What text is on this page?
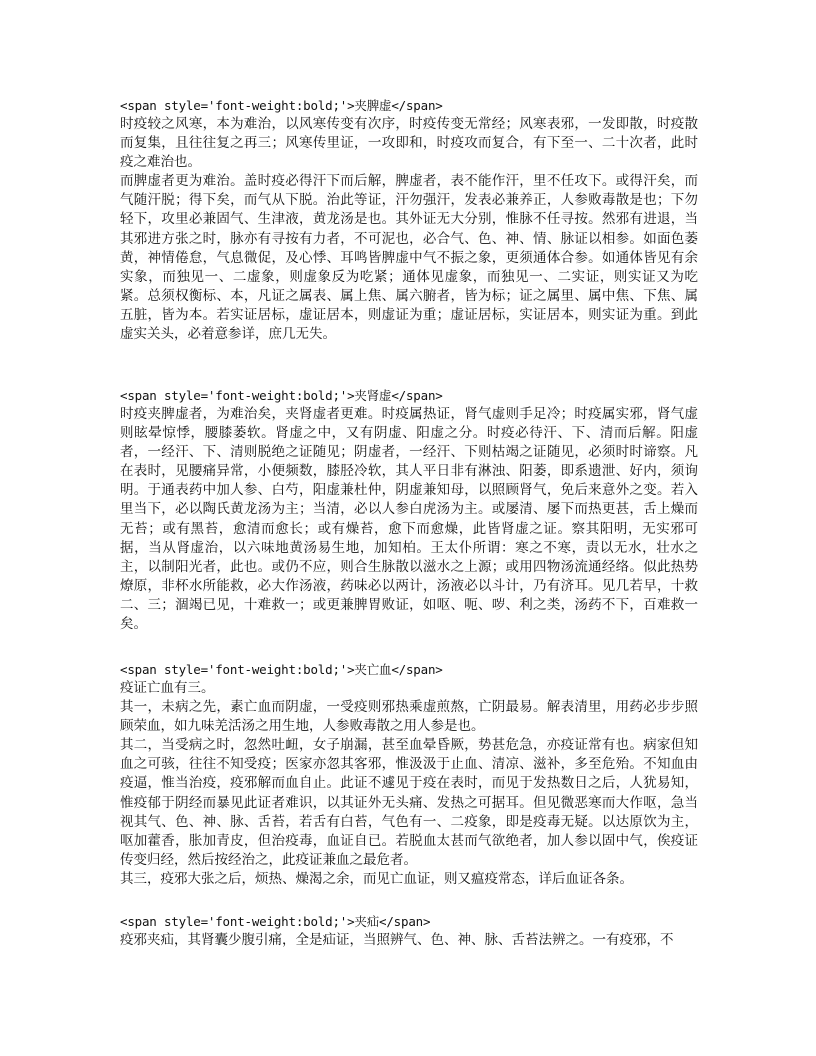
<span style='font-weight:bold;'>夹脾虚</span>

时疫较之风寒，本为难治，以风寒传变有次序，时疫传变无常经；风寒表邪，一发即散，时疫散而复集，且往往复之再三；风寒传里证，一攻即和，时疫攻而复合，有下至一、二十次者，此时疫之难治也。

而脾虚者更为难治。盖时疫必得汗下而后解，脾虚者，表不能作汗，里不任攻下。或得汗矣，而气随汗脱；得下矣，而气从下脱。治此等证，汗勿强汗，发表必兼养正，人参败毒散是也；下勿轻下，攻里必兼固气、生津液，黄龙汤是也。其外证无大分别，惟脉不任寻按。然邪有进退，当其邪进方张之时，脉亦有寻按有力者，不可泥也，必合气、色、神、情、脉证以相参。如面色萎黄，神情倦怠，气息微促，及心悸、耳鸣皆脾虚中气不振之象，更须通体合参。如通体皆见有余实象，而独见一、二虚象，则虚象反为吃紧；通体见虚象，而独见一、二实证，则实证又为吃紧。总须权衡标、本，凡证之属表、属上焦、属六腑者，皆为标；证之属里、属中焦、下焦、属五脏，皆为本。若实证居标，虚证居本，则虚证为重；虚证居标，实证居本，则实证为重。到此虚实关头，必着意参详，庶几无失。

<span style='font-weight:bold;'>夹肾虚</span>

时疫夹脾虚者，为难治矣，夹肾虚者更难。时疫属热证，肾气虚则手足冷；时疫属实邪，肾气虚则眩晕惊悸，腰膝萎软。肾虚之中，又有阴虚、阳虚之分。时疫必待汗、下、清而后解。阳虚者，一经汗、下、清则脱绝之证随见；阴虚者，一经汗、下则枯竭之证随见，必须时时谛察。凡在表时，见腰痛异常，小便频数，膝胫冷软，其人平日非有淋浊、阳萎，即系遗泄、好内，须询明。于通表药中加人参、白芍，阳虚兼杜仲，阴虚兼知母，以照顾肾气，免后来意外之变。若入里当下，必以陶氏黄龙汤为主；当清，必以人参白虎汤为主。或屡清、屡下而热更甚，舌上燥而无苔；或有黑苔，愈清而愈长；或有燥苔，愈下而愈燥，此皆肾虚之证。察其阳明，无实邪可据，当从肾虚治，以六味地黄汤易生地，加知柏。王太仆所谓：寒之不寒，责以无水，壮水之主，以制阳光者，此也。或仍不应，则合生脉散以滋水之上源；或用四物汤流通经络。似此热势燎原，非杯水所能救，必大作汤液，药味必以两计，汤液必以斗计，乃有济耳。见几若早，十救二、三；涸竭已见，十难救一；或更兼脾胃败证，如呕、呃、哕、利之类，汤药不下，百难救一矣。

<span style='font-weight:bold;'>夹亡血</span>

疫证亡血有三。

其一，未病之先，素亡血而阴虚，一受疫则邪热乘虚煎熬，亡阴最易。解表清里，用药必步步照顾荣血，如九味羌活汤之用生地，人参败毒散之用人参是也。

其二，当受病之时，忽然吐衄，女子崩漏，甚至血晕昏厥，势甚危急，亦疫证常有也。病家但知血之可骇，往往不知受疫；医家亦忽其客邪，惟汲汲于止血、清凉、滋补，多至危殆。不知血由疫逼，惟当治疫，疫邪解而血自止。此证不遽见于疫在表时，而见于发热数日之后，人犹易知，惟疫郁于阴经而暴见此证者难识，以其证外无头痛、发热之可据耳。但见微恶寒而大作呕，急当视其气、色、神、脉、舌苔，若舌有白苔，气色有一、二疫象，即是疫毒无疑。以达原饮为主，呕加藿香，胀加青皮，但治疫毒，血证自已。若脱血太甚而气欲绝者，加人参以固中气，俟疫证传变归经，然后按经治之，此疫证兼血之最危者。

其三，疫邪大张之后，烦热、燥渴之余，而见亡血证，则又瘟疫常态，详后血证各条。

<span style='font-weight:bold;'>夹疝</span>

疫邪夹疝，其肾囊少腹引痛，全是疝证，当照辨气、色、神、脉、舌苔法辨之。一有疫邪，不
